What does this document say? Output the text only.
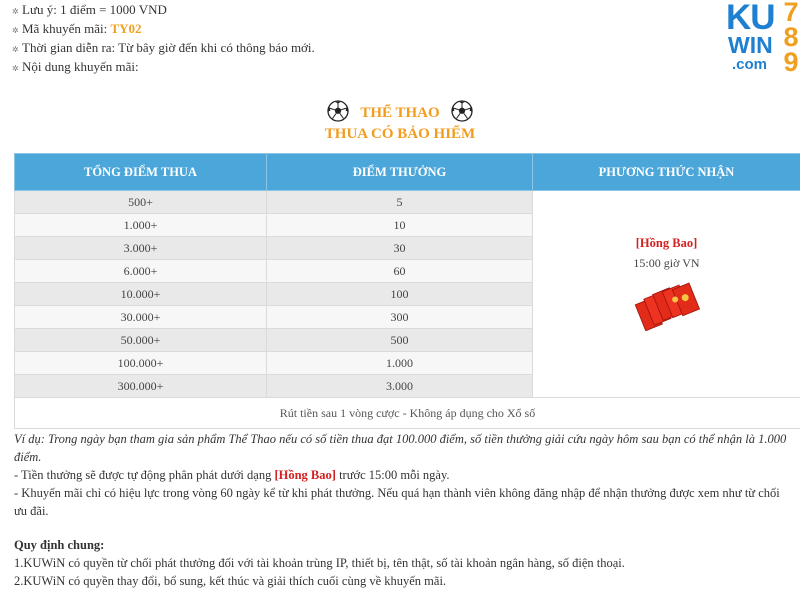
✲ Lưu ý: 1 điểm = 1000 VND
✲ Mã khuyến mãi: TY02
✲ Thời gian diễn ra: Từ bây giờ đến khi có thông báo mới.
✲ Nội dung khuyến mãi:
KU
WIN
.com
7
8
9
THỂ THAO
THUA CÓ BẢO HIỂM
TỔNG ĐIỂM THUA	ĐIỂM THƯỞNG	PHƯƠNG THỨC NHẬN
500+	5	[Hồng Bao]
15:00 giờ VN

1.000+	10	
3.000+	30	
6.000+	60	
10.000+	100	
30.000+	300	
50.000+	500	
100.000+	1.000	
300.000+	3.000	
Rút tiền sau 1 vòng cược - Không áp dụng cho Xổ số		

Ví dụ: Trong ngày bạn tham gia sản phẩm Thể Thao nếu có số tiền thua đạt 100.000 điểm, số tiền thưởng giải cứu ngày hôm sau bạn có thể nhận là 1.000 điểm.

- Tiền thưởng sẽ được tự động phân phát dưới dạng [Hồng Bao] trước 15:00 mỗi ngày.

- Khuyến mãi chỉ có hiệu lực trong vòng 60 ngày kể từ khi phát thưởng. Nếu quá hạn thành viên không đăng nhập để nhận thưởng được xem như từ chối ưu đãi.

Quy định chung:

1.KUWiN có quyền từ chối phát thưởng đối với tài khoản trùng IP, thiết bị, tên thật, số tài khoản ngân hàng, số điện thoại.

2.KUWiN có quyền thay đổi, bổ sung, kết thúc và giải thích cuối cùng về khuyến mãi.
